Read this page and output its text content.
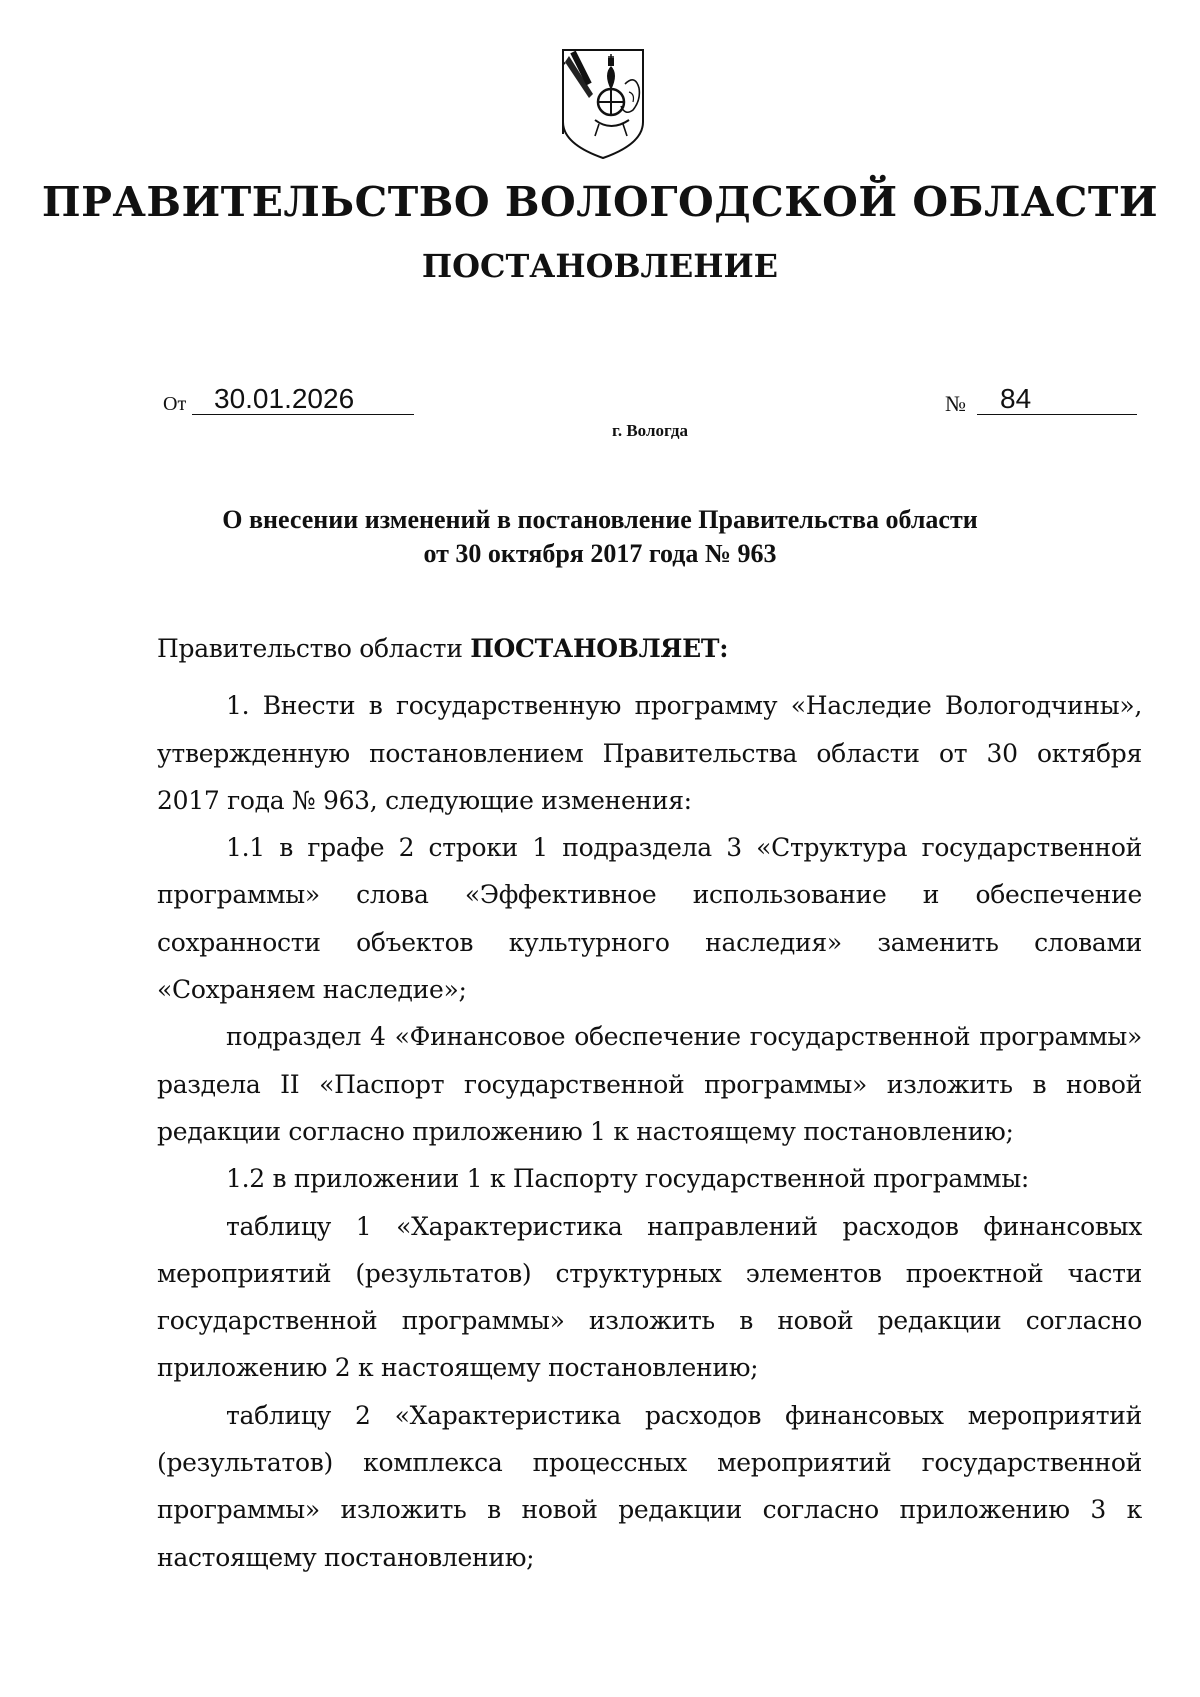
ПРАВИТЕЛЬСТВО ВОЛОГОДСКОЙ ОБЛАСТИ
ПОСТАНОВЛЕНИЕ
От 30.01.2026	№ 84
г. Вологда
О внесении изменений в постановление Правительства области
от 30 октября 2017 года № 963

Правительство области ПОСТАНОВЛЯЕТ:

1. Внести в государственную программу «Наследие Вологодчины», утвержденную постановлением Правительства области от 30 октября 2017 года № 963, следующие изменения:

1.1 в графе 2 строки 1 подраздела 3 «Структура государственной программы» слова «Эффективное использование и обеспечение сохранности объектов культурного наследия» заменить словами «Сохраняем наследие»;

подраздел 4 «Финансовое обеспечение государственной программы» раздела II «Паспорт государственной программы» изложить в новой редакции согласно приложению 1 к настоящему постановлению;

1.2 в приложении 1 к Паспорту государственной программы:

таблицу 1 «Характеристика направлений расходов финансовых мероприятий (результатов) структурных элементов проектной части государственной программы» изложить в новой редакции согласно приложению 2 к настоящему постановлению;

таблицу 2 «Характеристика расходов финансовых мероприятий (результатов) комплекса процессных мероприятий государственной программы» изложить в новой редакции согласно приложению 3 к настоящему постановлению;
